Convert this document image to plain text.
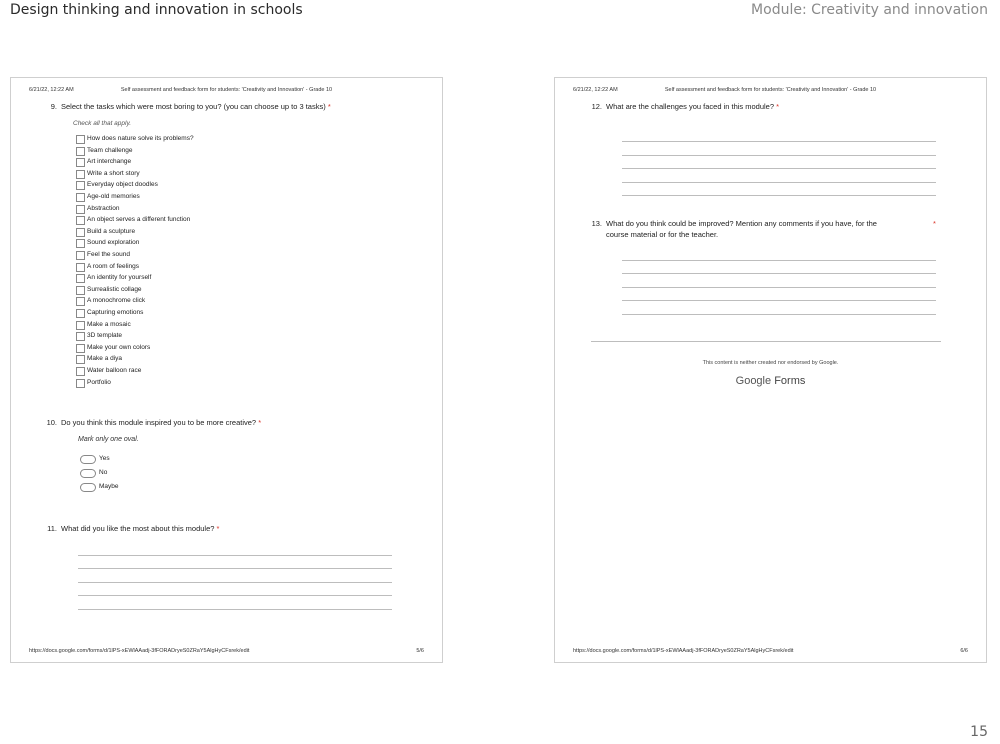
Design thinking and innovation in schools	Module: Creativity and innovation
6/21/22, 12:22 AM	Self assessment and feedback form for students: 'Creativity and Innovation' - Grade 10
9. Select the tasks which were most boring to you? (you can choose up to 3 tasks) *
Check all that apply.
How does nature solve its problems?
Team challenge
Art interchange
Write a short story
Everyday object doodles
Age-old memories
Abstraction
An object serves a different function
Build a sculpture
Sound exploration
Feel the sound
A room of feelings
An identity for yourself
Surrealistic collage
A monochrome click
Capturing emotions
Make a mosaic
3D template
Make your own colors
Make a diya
Water balloon race
Portfolio
10. Do you think this module inspired you to be more creative? *
Mark only one oval.
Yes
No
Maybe
11. What did you like the most about this module? *
https://docs.google.com/forms/d/1lPS-xEWlAAadj-3fFORADryeS0ZRaY5AlgHyCFsrek/edit	5/6
6/21/22, 12:22 AM	Self assessment and feedback form for students: 'Creativity and Innovation' - Grade 10
12. What are the challenges you faced in this module? *
13. What do you think could be improved? Mention any comments if you have, for the
course material or for the teacher.
*
This content is neither created nor endorsed by Google.
Google Forms
https://docs.google.com/forms/d/1lPS-xEWlAAadj-3fFORADryeS0ZRaY5AlgHyCFsrek/edit	6/6
15
